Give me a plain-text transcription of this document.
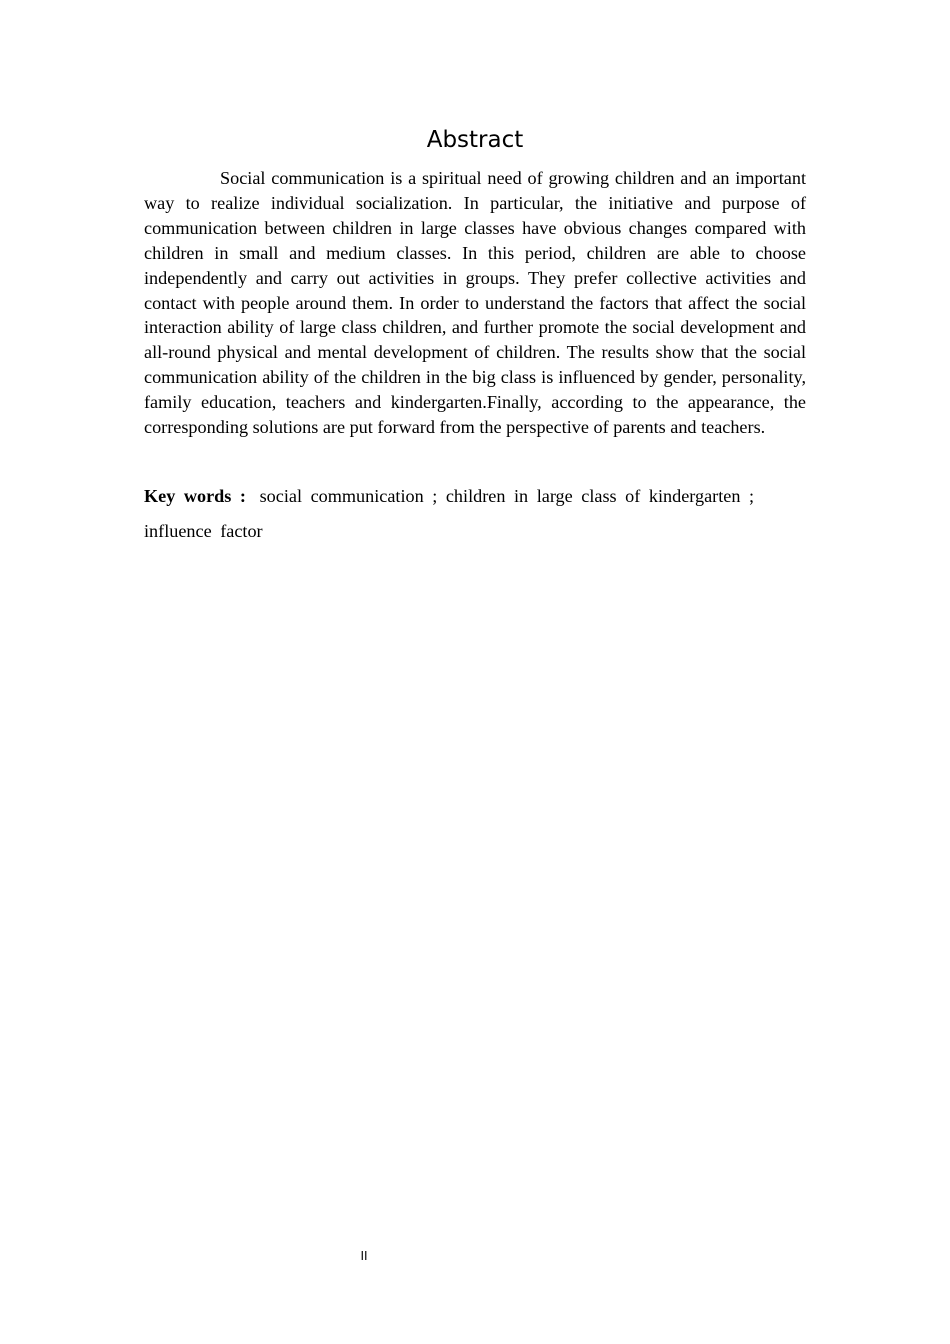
Abstract

Social communication is a spiritual need of growing children and an important way to realize individual socialization. In particular, the initiative and purpose of communication between children in large classes have obvious changes compared with children in small and medium classes. In this period, children are able to choose independently and carry out activities in groups. They prefer collective activities and contact with people around them. In order to understand the factors that affect the social interaction ability of large class children, and further promote the social development and all-round physical and mental development of children. The results show that the social communication ability of the children in the big class is influenced by gender, personality, family education, teachers and kindergarten.Finally, according to the appearance, the corresponding solutions are put forward from the perspective of parents and teachers.

Key words : social communication ; children in large class of kindergarten ; influence factor

II
